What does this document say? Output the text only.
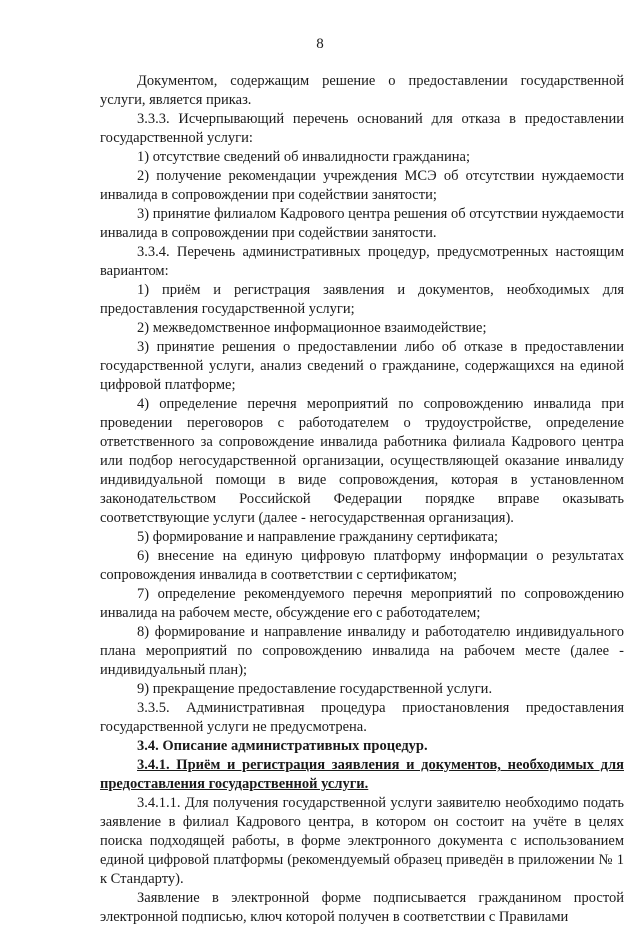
8

Документом, содержащим решение о предоставлении государственной услуги, является приказ.

3.3.3. Исчерпывающий перечень оснований для отказа в предоставлении государственной услуги:

1) отсутствие сведений об инвалидности гражданина;

2) получение рекомендации учреждения МСЭ об отсутствии нуждаемости инвалида в сопровождении при содействии занятости;

3) принятие филиалом Кадрового центра решения об отсутствии нуждаемости инвалида в сопровождении при содействии занятости.

3.3.4. Перечень административных процедур, предусмотренных настоящим вариантом:

1) приём и регистрация заявления и документов, необходимых для предоставления государственной услуги;

2) межведомственное информационное взаимодействие;

3) принятие решения о предоставлении либо об отказе в предоставлении государственной услуги, анализ сведений о гражданине, содержащихся на единой цифровой платформе;

4) определение перечня мероприятий по сопровождению инвалида при проведении переговоров с работодателем о трудоустройстве, определение ответственного за сопровождение инвалида работника филиала Кадрового центра или подбор негосударственной организации, осуществляющей оказание инвалиду индивидуальной помощи в виде сопровождения, которая в установленном законодательством Российской Федерации порядке вправе оказывать соответствующие услуги (далее - негосударственная организация).

5) формирование и направление гражданину сертификата;

6) внесение на единую цифровую платформу информации о результатах сопровождения инвалида в соответствии с сертификатом;

7) определение рекомендуемого перечня мероприятий по сопровождению инвалида на рабочем месте, обсуждение его с работодателем;

8) формирование и направление инвалиду и работодателю индивидуального плана мероприятий по сопровождению инвалида на рабочем месте (далее - индивидуальный план);

9) прекращение предоставление государственной услуги.

3.3.5. Административная процедура приостановления предоставления государственной услуги не предусмотрена.

3.4. Описание административных процедур.

3.4.1. Приём и регистрация заявления и документов, необходимых для предоставления государственной услуги.

3.4.1.1. Для получения государственной услуги заявителю необходимо подать заявление в филиал Кадрового центра, в котором он состоит на учёте в целях поиска подходящей работы, в форме электронного документа с использованием единой цифровой платформы (рекомендуемый образец приведён в приложении № 1 к Стандарту).

Заявление в электронной форме подписывается гражданином простой электронной подписью, ключ которой получен в соответствии с Правилами
